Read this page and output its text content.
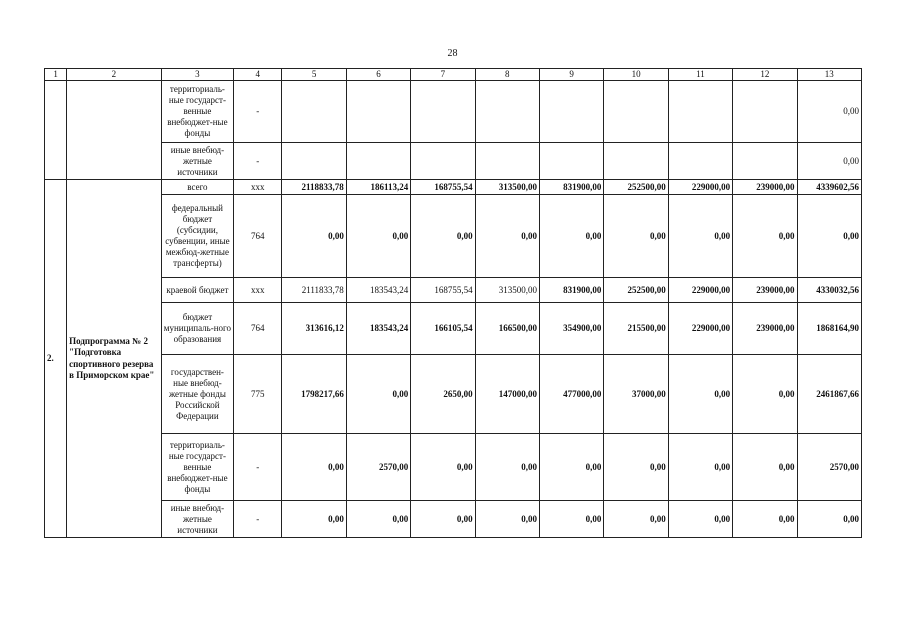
28
1	2	3	4	5	6	7	8	9	10	11	12	13
		территориаль-ные государст-венные внебюджет-ные фонды	-									0,00
		иные внебюд-жетные источники	-									0,00
2.	Подпрограмма № 2 "Подготовка спортивного резерва в Приморском крае"	всего	xxx	2118833,78	186113,24	168755,54	313500,00	831900,00	252500,00	229000,00	239000,00	4339602,56
		федеральный бюджет (субсидии, субвенции, иные межбюд-жетные трансферты)	764	0,00	0,00	0,00	0,00	0,00	0,00	0,00	0,00	0,00
		краевой бюджет	xxx	2111833,78	183543,24	168755,54	313500,00	831900,00	252500,00	229000,00	239000,00	4330032,56
		бюджет муниципаль-ного образования	764	313616,12	183543,24	166105,54	166500,00	354900,00	215500,00	229000,00	239000,00	1868164,90
		государствен-ные внебюд-жетные фонды Российской Федерации	775	1798217,66	0,00	2650,00	147000,00	477000,00	37000,00	0,00	0,00	2461867,66
		территориаль-ные государст-венные внебюджет-ные фонды	-	0,00	2570,00	0,00	0,00	0,00	0,00	0,00	0,00	2570,00
		иные внебюд-жетные источники	-	0,00	0,00	0,00	0,00	0,00	0,00	0,00	0,00	0,00
